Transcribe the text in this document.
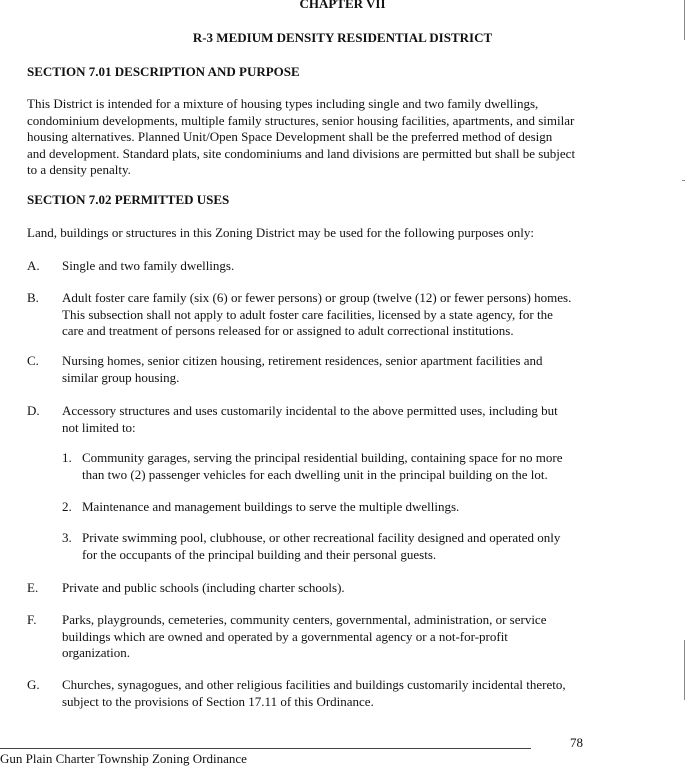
CHAPTER VII
R-3 MEDIUM DENSITY RESIDENTIAL DISTRICT
SECTION 7.01 DESCRIPTION AND PURPOSE
This District is intended for a mixture of housing types including single and two family dwellings,
condominium developments, multiple family structures, senior housing facilities, apartments, and similar
housing alternatives. Planned Unit/Open Space Development shall be the preferred method of design
and development. Standard plats, site condominiums and land divisions are permitted but shall be subject
to a density penalty.
SECTION 7.02 PERMITTED USES
Land, buildings or structures in this Zoning District may be used for the following purposes only:
A. Single and two family dwellings.
B. Adult foster care family (six (6) or fewer persons) or group (twelve (12) or fewer persons) homes.
This subsection shall not apply to adult foster care facilities, licensed by a state agency, for the
care and treatment of persons released for or assigned to adult correctional institutions.
C. Nursing homes, senior citizen housing, retirement residences, senior apartment facilities and
similar group housing.
D. Accessory structures and uses customarily incidental to the above permitted uses, including but
not limited to:
1. Community garages, serving the principal residential building, containing space for no more
than two (2) passenger vehicles for each dwelling unit in the principal building on the lot.
2. Maintenance and management buildings to serve the multiple dwellings.
3. Private swimming pool, clubhouse, or other recreational facility designed and operated only
for the occupants of the principal building and their personal guests.
E. Private and public schools (including charter schools).
F. Parks, playgrounds, cemeteries, community centers, governmental, administration, or service
buildings which are owned and operated by a governmental agency or a not-for-profit
organization.
G. Churches, synagogues, and other religious facilities and buildings customarily incidental thereto,
subject to the provisions of Section 17.11 of this Ordinance.
78
Gun Plain Charter Township Zoning Ordinance
